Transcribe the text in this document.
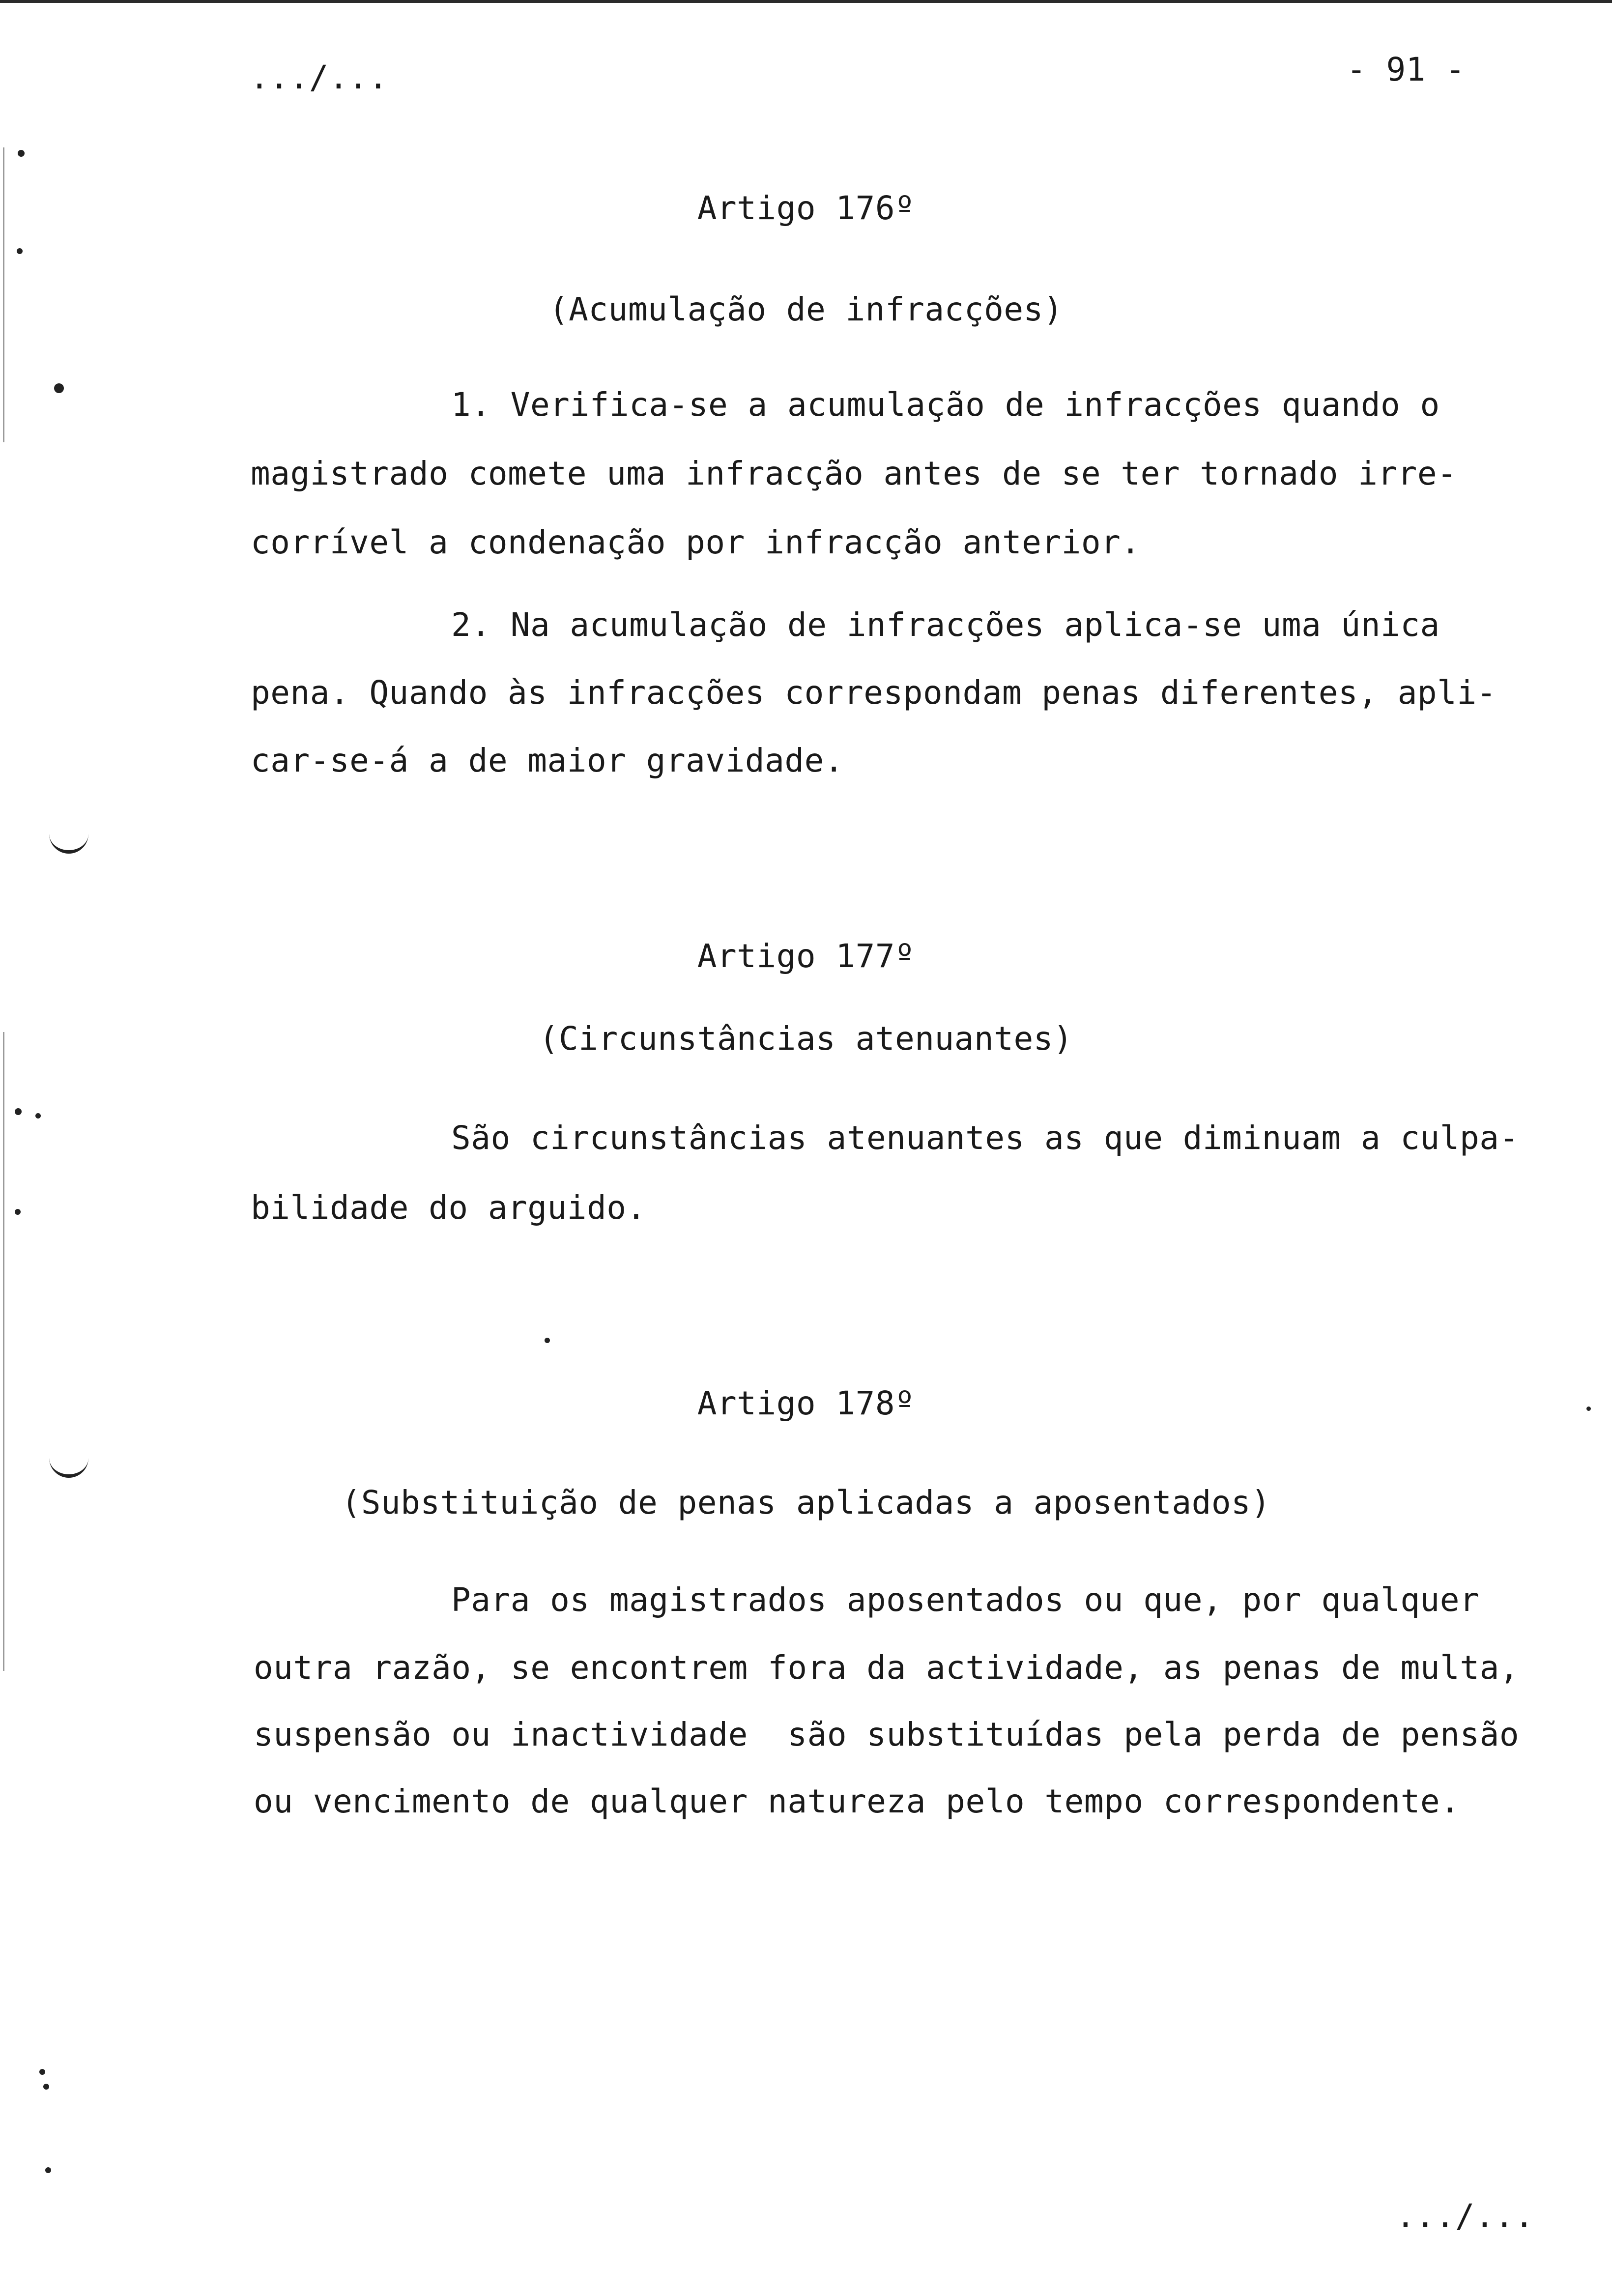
.../...	- 91 -
Artigo 176º
(Acumulação de infracções)
1. Verifica-se a acumulação de infracções quando o
magistrado comete uma infracção antes de se ter tornado irre-
corrível a condenação por infracção anterior.
2. Na acumulação de infracções aplica-se uma única
pena. Quando às infracções correspondam penas diferentes, apli-
car-se-á a de maior gravidade.
Artigo 177º
(Circunstâncias atenuantes)
São circunstâncias atenuantes as que diminuam a culpa-
bilidade do arguido.
Artigo 178º
(Substituição de penas aplicadas a aposentados)
Para os magistrados aposentados ou que, por qualquer
outra razão, se encontrem fora da actividade, as penas de multa,
suspensão ou inactividade  são substituídas pela perda de pensão
ou vencimento de qualquer natureza pelo tempo correspondente.
.../...
